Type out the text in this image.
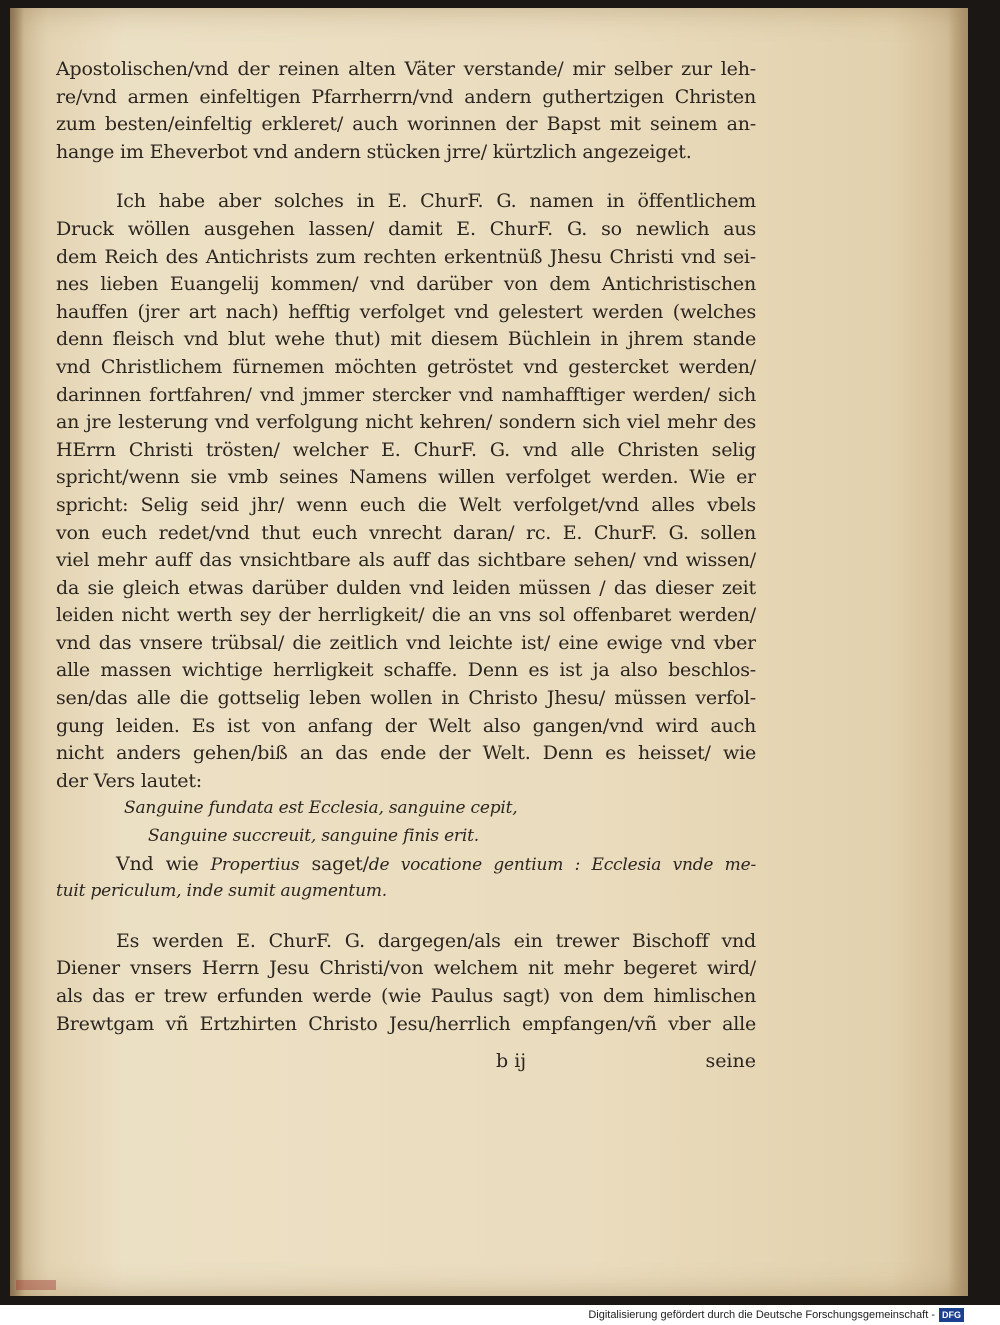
Apostolischen/vnd der reinen alten Väter verstande/ mir selber zur leh-
re/vnd armen einfeltigen Pfarrherrn/vnd andern guthertzigen Christen
zum besten/einfeltig erkleret/ auch worinnen der Bapst mit seinem an-
hange im Eheverbot vnd andern stücken jrre/ kürtzlich angezeiget.
Ich habe aber solches in E. ChurF. G. namen in öffentlichem
Druck wöllen ausgehen lassen/ damit E. ChurF. G. so newlich aus
dem Reich des Antichrists zum rechten erkentnüß Jhesu Christi vnd sei-
nes lieben Euangelij kommen/ vnd darüber von dem Antichristischen
hauffen (jrer art nach) hefftig verfolget vnd gelestert werden (welches
denn fleisch vnd blut wehe thut) mit diesem Büchlein in jhrem stande
vnd Christlichem fürnemen möchten getröstet vnd gestercket werden/
darinnen fortfahren/ vnd jmmer stercker vnd namhafftiger werden/ sich
an jre lesterung vnd verfolgung nicht kehren/ sondern sich viel mehr des
HErrn Christi trösten/ welcher E. ChurF. G. vnd alle Christen selig
spricht/wenn sie vmb seines Namens willen verfolget werden. Wie er
spricht: Selig seid jhr/ wenn euch die Welt verfolget/vnd alles vbels
von euch redet/vnd thut euch vnrecht daran/ rc. E. ChurF. G. sollen
viel mehr auff das vnsichtbare als auff das sichtbare sehen/ vnd wissen/
da sie gleich etwas darüber dulden vnd leiden müssen / das dieser zeit
leiden nicht werth sey der herrligkeit/ die an vns sol offenbaret werden/
vnd das vnsere trübsal/ die zeitlich vnd leichte ist/ eine ewige vnd vber
alle massen wichtige herrligkeit schaffe. Denn es ist ja also beschlos-
sen/das alle die gottselig leben wollen in Christo Jhesu/ müssen verfol-
gung leiden. Es ist von anfang der Welt also gangen/vnd wird auch
nicht anders gehen/biß an das ende der Welt. Denn es heisset/ wie
der Vers lautet:
Sanguine fundata est Ecclesia, sanguine cepit,
Sanguine succreuit, sanguine finis erit.
Vnd wie Propertius saget/de vocatione gentium : Ecclesia vnde me-
tuit periculum, inde sumit augmentum.
Es werden E. ChurF. G. dargegen/als ein trewer Bischoff vnd
Diener vnsers Herrn Jesu Christi/von welchem nit mehr begeret wird/
als das er trew erfunden werde (wie Paulus sagt) von dem himlischen
Brewtgam vñ Ertzhirten Christo Jesu/herrlich empfangen/vñ vber alle
b ij	seine
Digitalisierung gefördert durch die Deutsche Forschungsgemeinschaft - DFG
